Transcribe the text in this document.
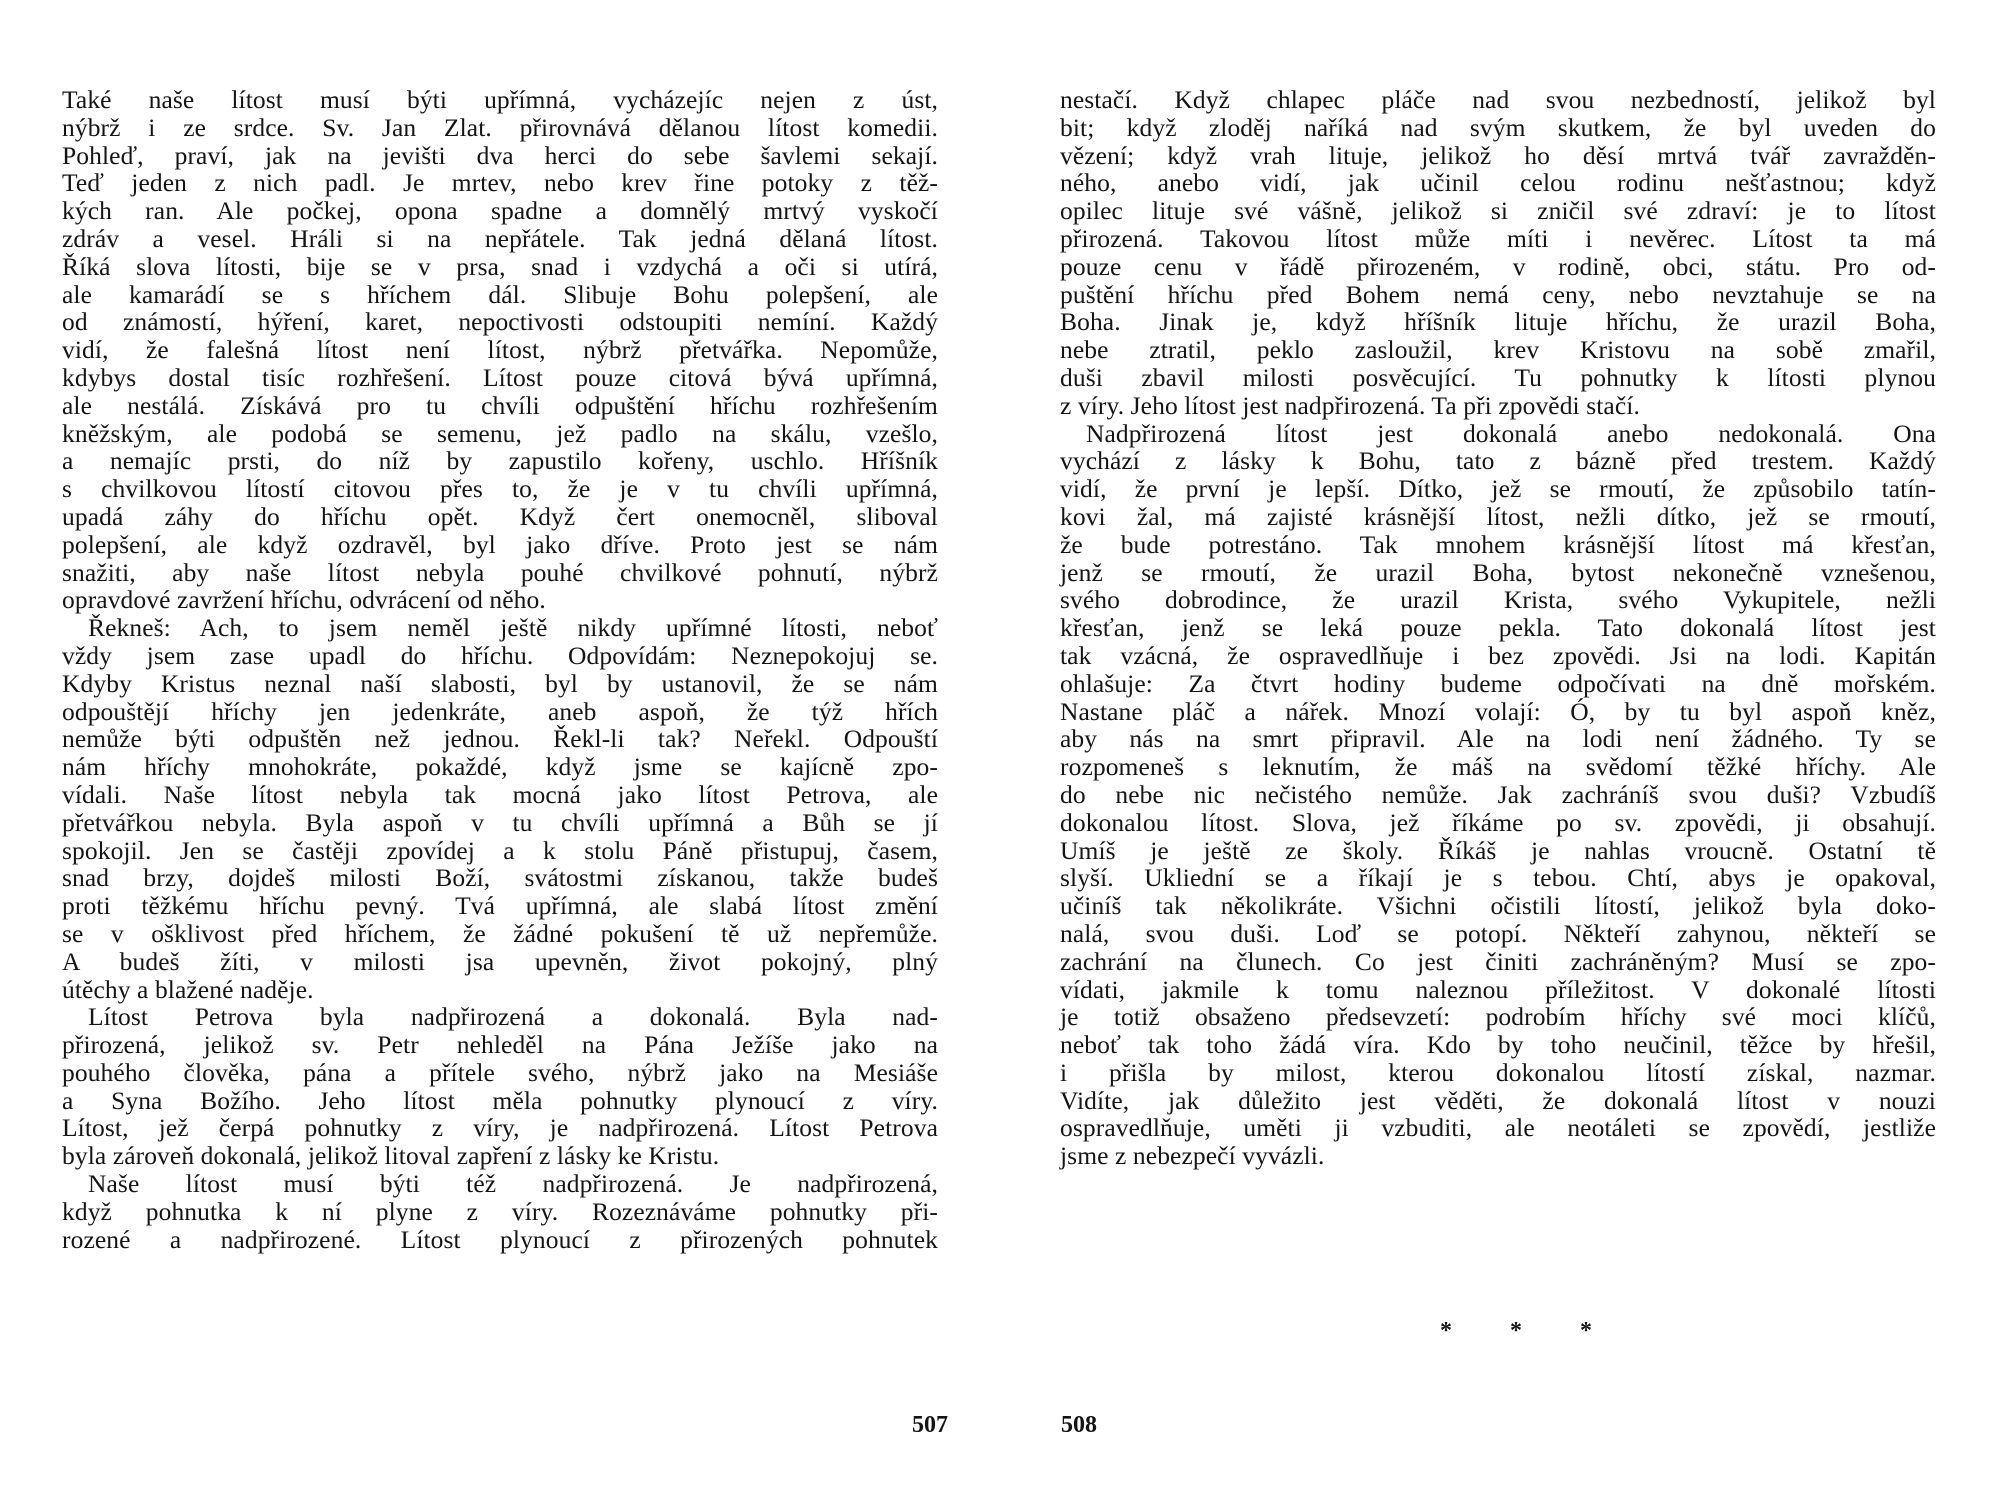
Také naše lítost musí býti upřímná, vycházejíc nejen z úst,
nýbrž i ze srdce. Sv. Jan Zlat. přirovnává dělanou lítost komedii.
Pohleď, praví, jak na jevišti dva herci do sebe šavlemi sekají.
Teď jeden z nich padl. Je mrtev, nebo krev řine potoky z těž-
kých ran. Ale počkej, opona spadne a domnělý mrtvý vyskočí
zdráv a vesel. Hráli si na nepřátele. Tak jedná dělaná lítost.
Říká slova lítosti, bije se v prsa, snad i vzdychá a oči si utírá,
ale kamarádí se s hříchem dál. Slibuje Bohu polepšení, ale
od známostí, hýření, karet, nepoctivosti odstoupiti nemíní. Každý
vidí, že falešná lítost není lítost, nýbrž přetvářka. Nepomůže,
kdybys dostal tisíc rozhřešení. Lítost pouze citová bývá upřímná,
ale nestálá. Získává pro tu chvíli odpuštění hříchu rozhřešením
kněžským, ale podobá se semenu, jež padlo na skálu, vzešlo,
a nemajíc prsti, do níž by zapustilo kořeny, uschlo. Hříšník
s chvilkovou lítostí citovou přes to, že je v tu chvíli upřímná,
upadá záhy do hříchu opět. Když čert onemocněl, sliboval
polepšení, ale když ozdravěl, byl jako dříve. Proto jest se nám
snažiti, aby naše lítost nebyla pouhé chvilkové pohnutí, nýbrž
opravdové zavržení hříchu, odvrácení od něho.
Řekneš: Ach, to jsem neměl ještě nikdy upřímné lítosti, neboť
vždy jsem zase upadl do hříchu. Odpovídám: Neznepokojuj se.
Kdyby Kristus neznal naší slabosti, byl by ustanovil, že se nám
odpouštějí hříchy jen jedenkráte, aneb aspoň, že týž hřích
nemůže býti odpuštěn než jednou. Řekl-li tak? Neřekl. Odpouští
nám hříchy mnohokráte, pokaždé, když jsme se kajícně zpo-
vídali. Naše lítost nebyla tak mocná jako lítost Petrova, ale
přetvářkou nebyla. Byla aspoň v tu chvíli upřímná a Bůh se jí
spokojil. Jen se častěji zpovídej a k stolu Páně přistupuj, časem,
snad brzy, dojdeš milosti Boží, svátostmi získanou, takže budeš
proti těžkému hříchu pevný. Tvá upřímná, ale slabá lítost změní
se v ošklivost před hříchem, že žádné pokušení tě už nepřemůže.
A budeš žíti, v milosti jsa upevněn, život pokojný, plný
útěchy a blažené naděje.
Lítost Petrova byla nadpřirozená a dokonalá. Byla nad-
přirozená, jelikož sv. Petr nehleděl na Pána Ježíše jako na
pouhého člověka, pána a přítele svého, nýbrž jako na Mesiáše
a Syna Božího. Jeho lítost měla pohnutky plynoucí z víry.
Lítost, jež čerpá pohnutky z víry, je nadpřirozená. Lítost Petrova
byla zároveň dokonalá, jelikož litoval zapření z lásky ke Kristu.
Naše lítost musí býti též nadpřirozená. Je nadpřirozená,
když pohnutka k ní plyne z víry. Rozeznáváme pohnutky při-
rozené a nadpřirozené. Lítost plynoucí z přirozených pohnutek
nestačí. Když chlapec pláče nad svou nezbedností, jelikož byl
bit; když zloděj naříká nad svým skutkem, že byl uveden do
vězení; když vrah lituje, jelikož ho děsí mrtvá tvář zavražděn-
ného, anebo vidí, jak učinil celou rodinu nešťastnou; když
opilec lituje své vášně, jelikož si zničil své zdraví: je to lítost
přirozená. Takovou lítost může míti i nevěrec. Lítost ta má
pouze cenu v řádě přirozeném, v rodině, obci, státu. Pro od-
puštění hříchu před Bohem nemá ceny, nebo nevztahuje se na
Boha. Jinak je, když hříšník lituje hříchu, že urazil Boha,
nebe ztratil, peklo zasloužil, krev Kristovu na sobě zmařil,
duši zbavil milosti posvěcující. Tu pohnutky k lítosti plynou
z víry. Jeho lítost jest nadpřirozená. Ta při zpovědi stačí.
Nadpřirozená lítost jest dokonalá anebo nedokonalá. Ona
vychází z lásky k Bohu, tato z bázně před trestem. Každý
vidí, že první je lepší. Dítko, jež se rmoutí, že způsobilo tatín-
kovi žal, má zajisté krásnější lítost, nežli dítko, jež se rmoutí,
že bude potrestáno. Tak mnohem krásnější lítost má křesťan,
jenž se rmoutí, že urazil Boha, bytost nekonečně vznešenou,
svého dobrodince, že urazil Krista, svého Vykupitele, nežli
křesťan, jenž se leká pouze pekla. Tato dokonalá lítost jest
tak vzácná, že ospravedlňuje i bez zpovědi. Jsi na lodi. Kapitán
ohlašuje: Za čtvrt hodiny budeme odpočívati na dně mořském.
Nastane pláč a nářek. Mnozí volají: Ó, by tu byl aspoň kněz,
aby nás na smrt připravil. Ale na lodi není žádného. Ty se
rozpomeneš s leknutím, že máš na svědomí těžké hříchy. Ale
do nebe nic nečistého nemůže. Jak zachráníš svou duši? Vzbudíš
dokonalou lítost. Slova, jež říkáme po sv. zpovědi, ji obsahují.
Umíš je ještě ze školy. Říkáš je nahlas vroucně. Ostatní tě
slyší. Ukliední se a říkají je s tebou. Chtí, abys je opakoval,
učiníš tak několikráte. Všichni očistili lítostí, jelikož byla doko-
nalá, svou duši. Loď se potopí. Někteří zahynou, někteří se
zachrání na člunech. Co jest činiti zachráněným? Musí se zpo-
vídati, jakmile k tomu naleznou příležitost. V dokonalé lítosti
je totiž obsaženo předsevzetí: podrobím hříchy své moci klíčů,
neboť tak toho žádá víra. Kdo by toho neučinil, těžce by hřešil,
i přišla by milost, kterou dokonalou lítostí získal, nazmar.
Vidíte, jak důležito jest věděti, že dokonalá lítost v nouzi
ospravedlňuje, uměti ji vzbuditi, ale neotáleti se zpovědí, jestliže
jsme z nebezpečí vyvázli.
507	508
* * *
